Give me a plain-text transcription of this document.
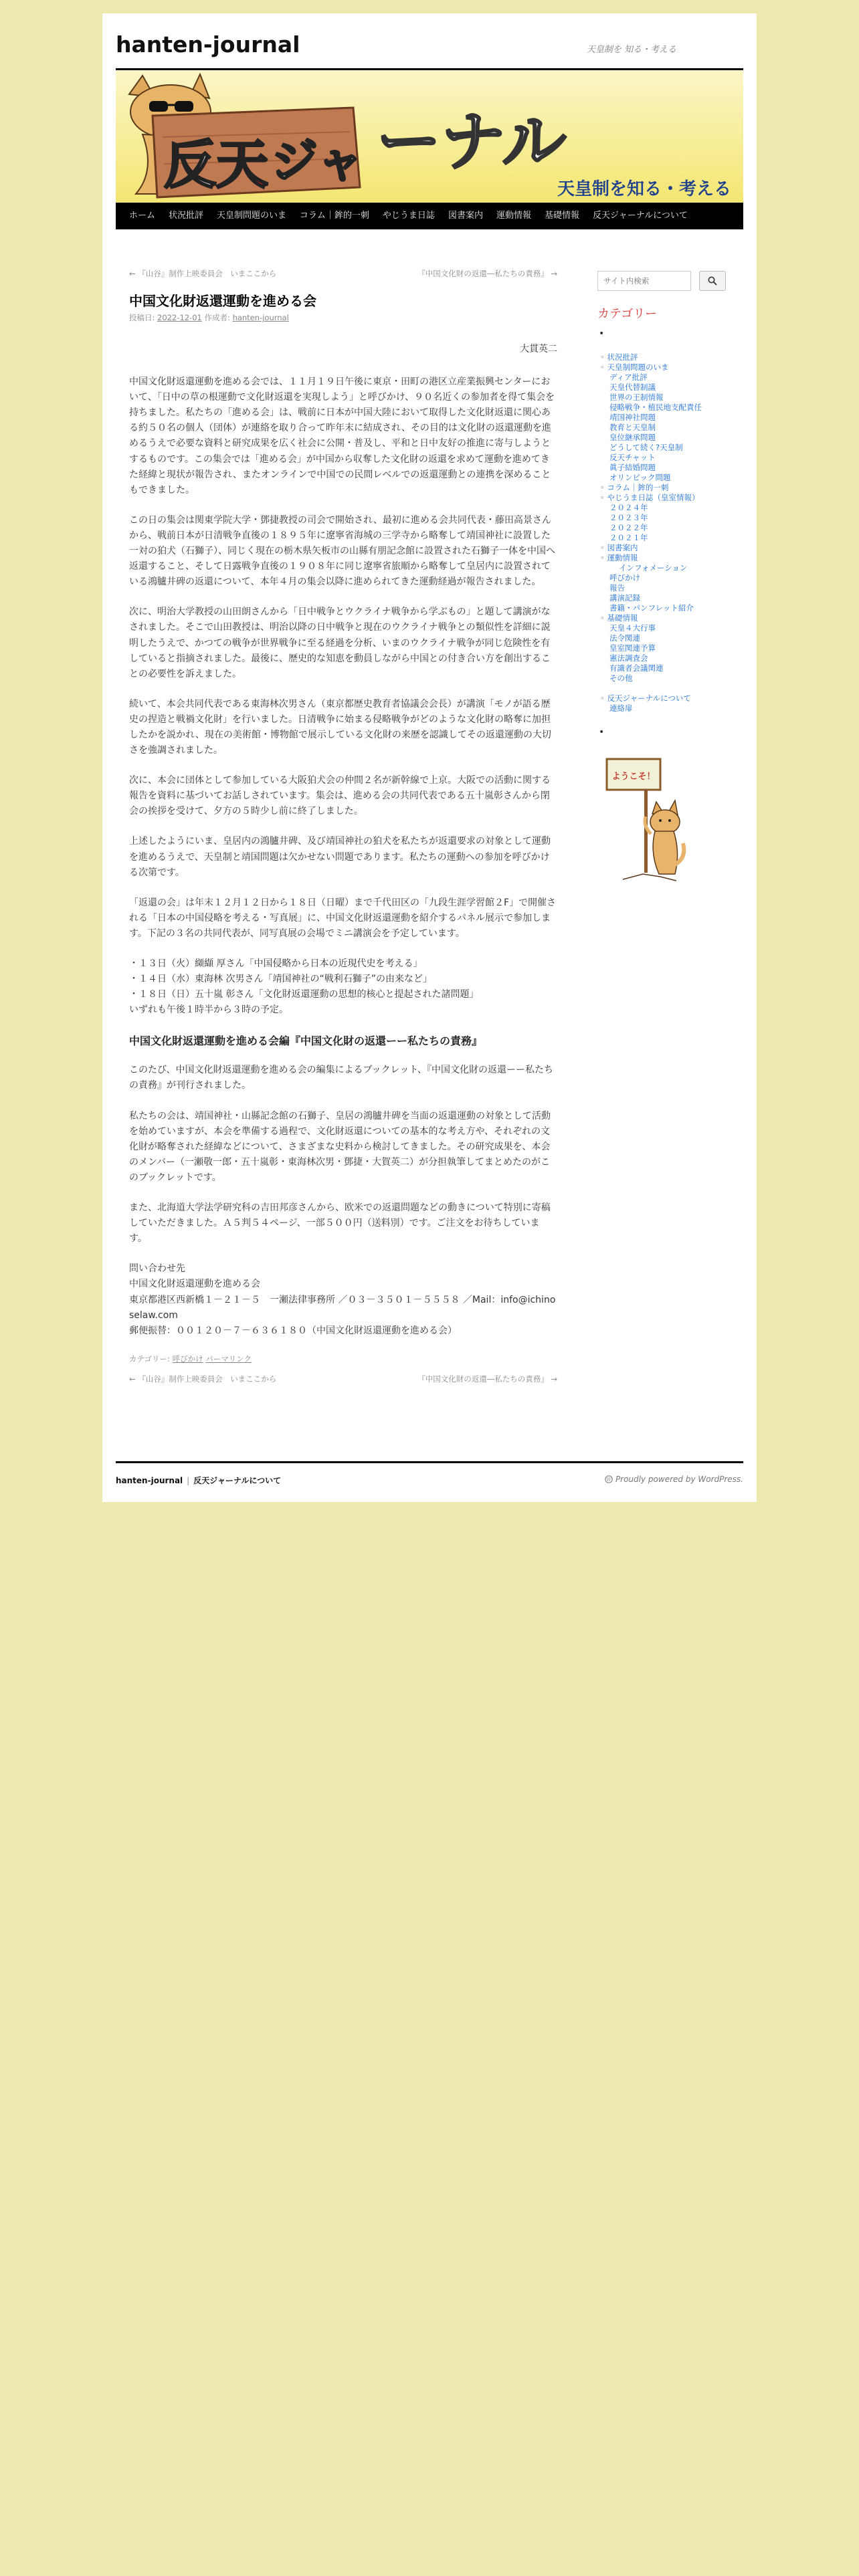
hanten-journal	天皇制を 知る・考える
反 天 ジャ ーナル
天皇制を知る・考える
ホーム	状況批評	天皇制問題のいま	コラム｜鉾的一刺	やじうま日誌	図書案内	運動情報	基礎情報	反天ジャーナルについて
← 『山谷』制作上映委員会　いまここから	『中国文化財の返還―私たちの責務』 →
中国文化財返還運動を進める会
投稿日: 2022-12-01 作成者: hanten-journal

大貫英二

中国文化財返還運動を進める会では、１１月１９日午後に東京・田町の港区立産業振興センターにおいて、「日中の草の根運動で文化財返還を実現しよう」と呼びかけ、９０名近くの参加者を得て集会を持ちました。私たちの「進める会」は、戦前に日本が中国大陸において取得した文化財返還に関心ある約５０名の個人（団体）が連絡を取り合って昨年末に結成され、その目的は文化財の返還運動を進めるうえで必要な資料と研究成果を広く社会に公開・普及し、平和と日中友好の推進に寄与しようとするものです。この集会では「進める会」が中国から収奪した文化財の返還を求めて運動を進めてきた経緯と現状が報告され、またオンラインで中国での民間レベルでの返還運動との連携を深めることもできました。

この日の集会は関東学院大学・鄧捷教授の司会で開始され、最初に進める会共同代表・藤田高景さんから、戦前日本が日清戦争直後の１８９５年に遼寧省海城の三学寺から略奪して靖国神社に設置した一対の狛犬（石獅子）、同じく現在の栃木県矢板市の山縣有朋記念館に設置された石獅子一体を中国へ返還すること、そして日露戦争直後の１９０８年に同じ遼寧省旅順から略奪して皇居内に設置されている鴻臚井碑の返還について、本年４月の集会以降に進められてきた運動経過が報告されました。

次に、明治大学教授の山田朗さんから「日中戦争とウクライナ戦争から学ぶもの」と題して講演がなされました。そこで山田教授は、明治以降の日中戦争と現在のウクライナ戦争との類似性を詳細に説明したうえで、かつての戦争が世界戦争に至る経過を分析、いまのウクライナ戦争が同じ危険性を有していると指摘されました。最後に、歴史的な知恵を動員しながら中国との付き合い方を創出することの必要性を訴えました。

続いて、本会共同代表である東海林次男さん（東京都歴史教育者協議会会長）が講演「モノが語る歴史の捏造と戦禍文化財」を行いました。日清戦争に始まる侵略戦争がどのような文化財の略奪に加担したかを説かれ、現在の美術館・博物館で展示している文化財の来歴を認識してその返還運動の大切さを強調されました。

次に、本会に団体として参加している大阪狛犬会の仲間２名が新幹線で上京。大阪での活動に関する報告を資料に基づいてお話しされています。集会は、進める会の共同代表である五十嵐彰さんから閉会の挨拶を受けて、夕方の５時少し前に終了しました。

上述したようにいま、皇居内の鴻臚井碑、及び靖国神社の狛犬を私たちが返還要求の対象として運動を進めるうえで、天皇制と靖国問題は欠かせない問題であります。私たちの運動への参加を呼びかける次第です。

「返還の会」は年末１２月１２日から１８日（日曜）まで千代田区の「九段生涯学習館２F」で開催される「日本の中国侵略を考える・写真展」に、中国文化財返還運動を紹介するパネル展示で参加します。下記の３名の共同代表が、同写真展の会場でミニ講演会を予定しています。

・１３日（火）纐纈 厚さん「中国侵略から日本の近現代史を考える」
・１４日（水）東海林 次男さん「靖国神社の“戦利石獅子”の由来など」
・１８日（日）五十嵐 彰さん「文化財返還運動の思想的核心と提起された諸問題」
いずれも午後１時半から３時の予定。

中国文化財返還運動を進める会編『中国文化財の返還ーー私たちの責務』

このたび、中国文化財返還運動を進める会の編集によるブックレット、『中国文化財の返還ーー私たちの責務』が刊行されました。

私たちの会は、靖国神社・山縣記念館の石獅子、皇居の鴻臚井碑を当面の返還運動の対象として活動を始めていますが、本会を準備する過程で、文化財返還についての基本的な考え方や、それぞれの文化財が略奪された経緯などについて、さまざまな史料から検討してきました。その研究成果を、本会のメンバー（一瀬敬一郎・五十嵐彰・東海林次男・鄧捷・大賀英二）が分担執筆してまとめたのがこのブックレットです。

また、北海道大学法学研究科の吉田邦彦さんから、欧米での返還問題などの動きについて特別に寄稿していただきました。Ａ５判５４ページ、一部５００円（送料別）です。ご注文をお待ちしています。

問い合わせ先
中国文化財返還運動を進める会
東京都港区西新橋１－２１－５　一瀬法律事務所 ／０３－３５０１－５５５８ ／Mail：info@ichinoselaw.com
郵便振替：００１２０－７－６３６１８０（中国文化財返還運動を進める会）

カテゴリー: 呼びかけ パーマリンク
← 『山谷』制作上映委員会　いまここから	『中国文化財の返還―私たちの責務』 →
サイト内検索
カテゴリー
•
◦ 状況批評
◦ 天皇制問題のいま
ディア批評
天皇代替制議
世界の王制情報
侵略戦争・植民地支配責任
靖国神社問題
教育と天皇制
皇位継承問題
どうして続く?天皇制
反天チャット
眞子結婚問題
オリンピック問題
◦ コラム｜鉾的一刺
◦ やじうま日誌（皇室情報）
２０２４年
２０２３年
２０２２年
２０２１年
◦ 図書案内
◦ 運動情報
インフォメーション
呼びかけ
報告
講演記録
書籍・パンフレット紹介
◦ 基礎情報
天皇４大行事
法令関連
皇室関連予算
憲法調査会
有識者会議関連
その他
◦ 反天ジャーナルについて
連絡扉
•
ようこそ！
hanten-journal | 反天ジャーナルについて	W Proudly powered by WordPress.
